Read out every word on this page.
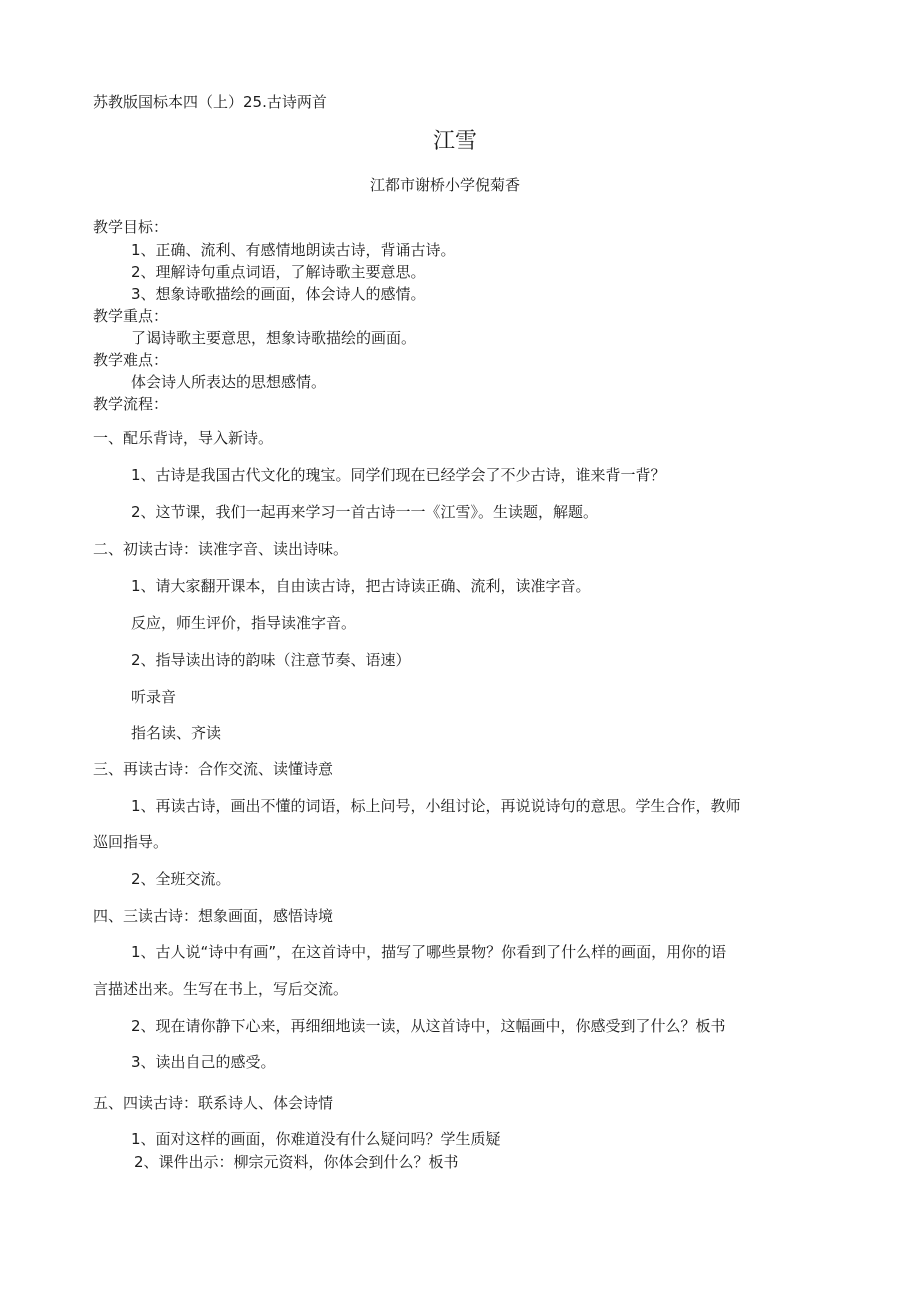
苏教版国标本四（上）25.古诗两首
江雪
江都市谢桥小学倪菊香
教学目标：
1、正确、流利、有感情地朗读古诗，背诵古诗。
2、理解诗句重点词语，了解诗歌主要意思。
3、想象诗歌描绘的画面，体会诗人的感情。
教学重点：
了谒诗歌主要意思，想象诗歌描绘的画面。
教学难点：
体会诗人所表达的思想感情。
教学流程：
一、配乐背诗，导入新诗。
1、古诗是我国古代文化的瑰宝。同学们现在已经学会了不少古诗，谁来背一背？
2、这节课，我们一起再来学习一首古诗一一《江雪》。生读题，解题。
二、初读古诗：读准字音、读出诗味。
1、请大家翻开课本，自由读古诗，把古诗读正确、流利，读准字音。
反应，师生评价，指导读准字音。
2、指导读出诗的韵味（注意节奏、语速）
听录音
指名读、齐读
三、再读古诗：合作交流、读懂诗意
1、再读古诗，画出不懂的词语，标上问号，小组讨论，再说说诗句的意思。学生合作，教师
巡回指导。
2、全班交流。
四、三读古诗：想象画面，感悟诗境
1、古人说“诗中有画”，在这首诗中，描写了哪些景物？你看到了什么样的画面，用你的语
言描述出来。生写在书上，写后交流。
2、现在请你静下心来，再细细地读一读，从这首诗中，这幅画中，你感受到了什么？板书
3、读出自己的感受。
五、四读古诗：联系诗人、体会诗情
1、面对这样的画面，你难道没有什么疑问吗？学生质疑
2、课件出示：柳宗元资料，你体会到什么？板书
